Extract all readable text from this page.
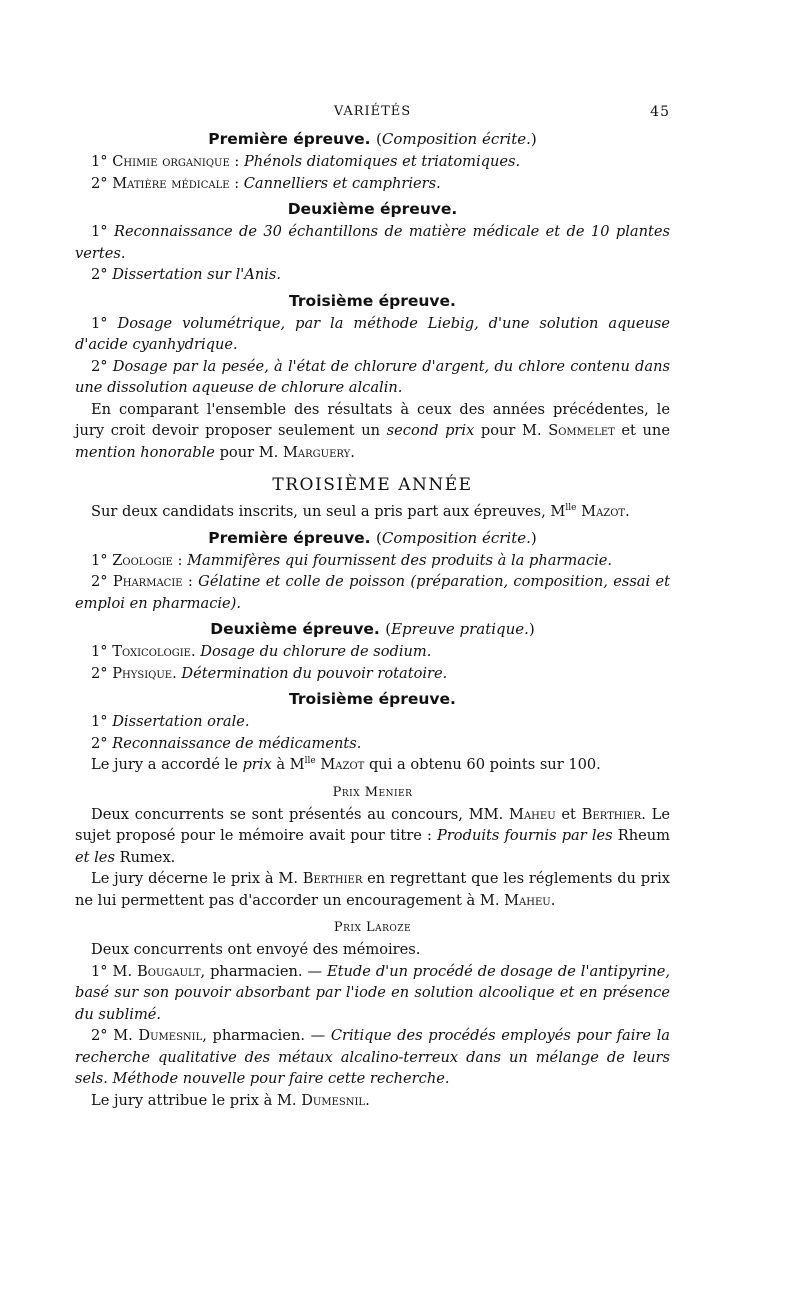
VARIÉTÉS	45
Première épreuve. (Composition écrite.)

1° Chimie organique : Phénols diatomiques et triatomiques.

2° Matière médicale : Cannelliers et camphriers.

Deuxième épreuve.

1° Reconnaissance de 30 échantillons de matière médicale et de 10 plantes vertes.

2° Dissertation sur l'Anis.

Troisième épreuve.

1° Dosage volumétrique, par la méthode Liebig, d'une solution aqueuse d'acide cyanhydrique.

2° Dosage par la pesée, à l'état de chlorure d'argent, du chlore contenu dans une dissolution aqueuse de chlorure alcalin.

En comparant l'ensemble des résultats à ceux des années précédentes, le jury croit devoir proposer seulement un second prix pour M. Sommelet et une mention honorable pour M. Marguery.

TROISIÈME ANNÉE

Sur deux candidats inscrits, un seul a pris part aux épreuves, $M^{lle}$ Mazot.

Première épreuve. (Composition écrite.)

1° Zoologie : Mammifères qui fournissent des produits à la pharmacie.

2° Pharmacie : Gélatine et colle de poisson (préparation, composition, essai et emploi en pharmacie).

Deuxième épreuve. (Epreuve pratique.)

1° Toxicologie. Dosage du chlorure de sodium.

2° Physique. Détermination du pouvoir rotatoire.

Troisième épreuve.

1° Dissertation orale.

2° Reconnaissance de médicaments.

Le jury a accordé le prix à $M^{lle}$ Mazot qui a obtenu 60 points sur 100.

Prix Menier

Deux concurrents se sont présentés au concours, MM. Maheu et Berthier. Le sujet proposé pour le mémoire avait pour titre : Produits fournis par les Rheum et les Rumex.

Le jury décerne le prix à M. Berthier en regrettant que les réglements du prix ne lui permettent pas d'accorder un encouragement à M. Maheu.

Prix Laroze

Deux concurrents ont envoyé des mémoires.

1° M. Bougault, pharmacien. — Etude d'un procédé de dosage de l'antipyrine, basé sur son pouvoir absorbant par l'iode en solution alcoolique et en présence du sublimé.

2° M. Dumesnil, pharmacien. — Critique des procédés employés pour faire la recherche qualitative des métaux alcalino-terreux dans un mélange de leurs sels. Méthode nouvelle pour faire cette recherche.

Le jury attribue le prix à M. Dumesnil.
